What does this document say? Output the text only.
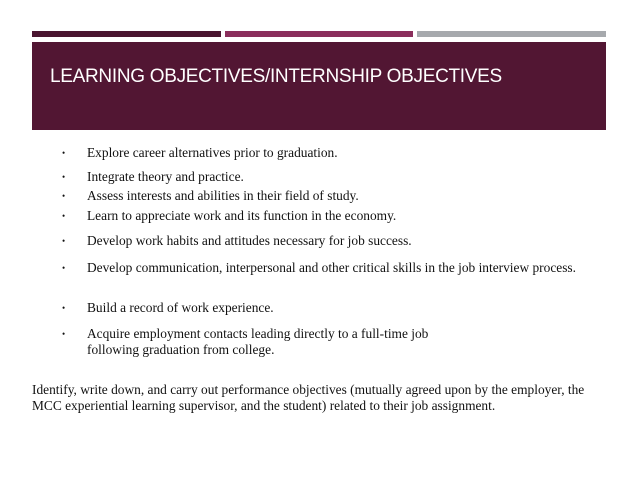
LEARNING OBJECTIVES/INTERNSHIP OBJECTIVES
• Explore career alternatives prior to graduation.
• Integrate theory and practice.
• Assess interests and abilities in their field of study.
• Learn to appreciate work and its function in the economy.
• Develop work habits and attitudes necessary for job success.
• Develop communication, interpersonal and other critical skills in the job interview process.
• Build a record of work experience.
• Acquire employment contacts leading directly to a full-time job following graduation from college.

Identify, write down, and carry out performance objectives (mutually agreed upon by the employer, the MCC experiential learning supervisor, and the student) related to their job assignment.
